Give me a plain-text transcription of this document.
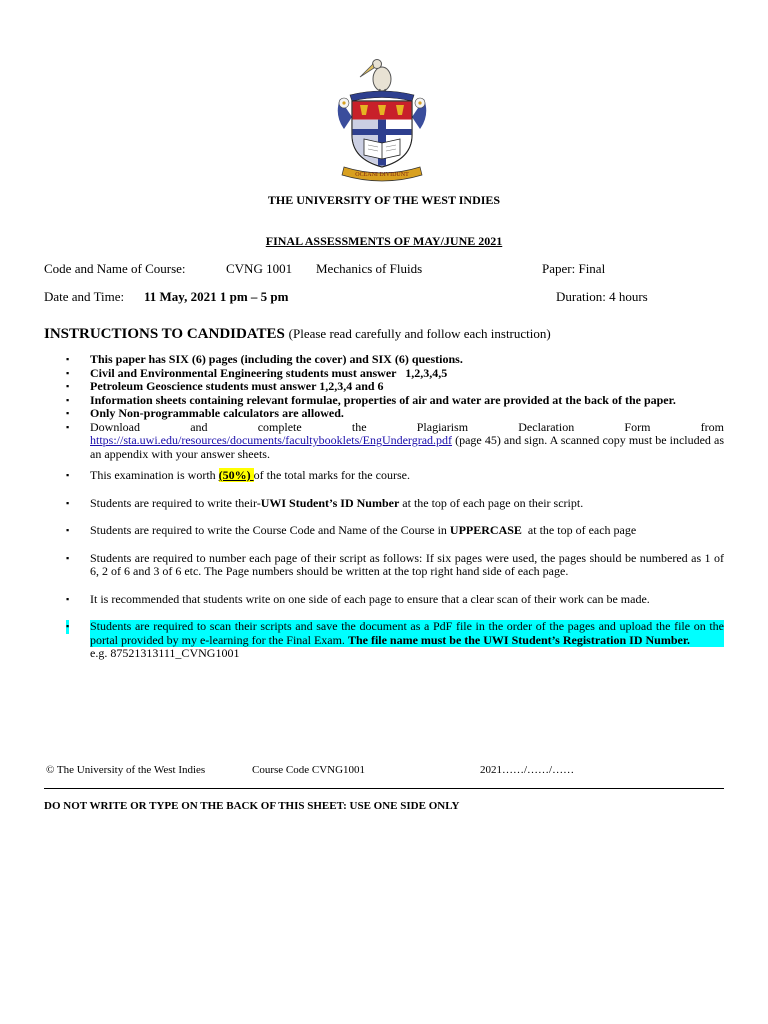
OCEANI DIVIDUNT
THE UNIVERSITY OF THE WEST INDIES
FINAL ASSESSMENTS OF MAY/JUNE 2021
Code and Name of Course:	CVNG 1001 Mechanics of Fluids	Paper: Final
Date and Time: 11 May, 2021 1 pm – 5 pm	Duration: 4 hours
INSTRUCTIONS TO CANDIDATES (Please read carefully and follow each instruction)
▪ This paper has SIX (6) pages (including the cover) and SIX (6) questions.
▪ Civil and Environmental Engineering students must answer   1,2,3,4,5
▪ Petroleum Geoscience students must answer 1,2,3,4 and 6
▪ Information sheets containing relevant formulae, properties of air and water are provided at the back of the paper.
▪ Only Non-programmable calculators are allowed.
▪ Download	and	complete	the	Plagiarism	Declaration	Form	from
https://sta.uwi.edu/resources/documents/facultybooklets/EngUndergrad.pdf (page 45) and sign. A scanned copy must be included as an appendix with your answer sheets.
▪ This examination is worth (50%) of the total marks for the course.
▪ Students are required to write their-UWI Student’s ID Number at the top of each page on their script.
▪ Students are required to write the Course Code and Name of the Course in UPPERCASE  at the top of each page
▪ Students are required to number each page of their script as follows: If six pages were used, the pages should be numbered as 1 of 6, 2 of 6 and 3 of 6 etc. The Page numbers should be written at the top right hand side of each page.
▪ It is recommended that students write on one side of each page to ensure that a clear scan of their work can be made.
▪ Students are required to scan their scripts and save the document as a PdF file in the order of the pages and upload the file on the portal provided by my e-learning for the Final Exam. The file name must be the UWI Student’s Registration ID Number.
e.g. 87521313111_CVNG1001
© The University of the West Indies	Course Code CVNG1001	2021……/……/……
DO NOT WRITE OR TYPE ON THE BACK OF THIS SHEET: USE ONE SIDE ONLY
